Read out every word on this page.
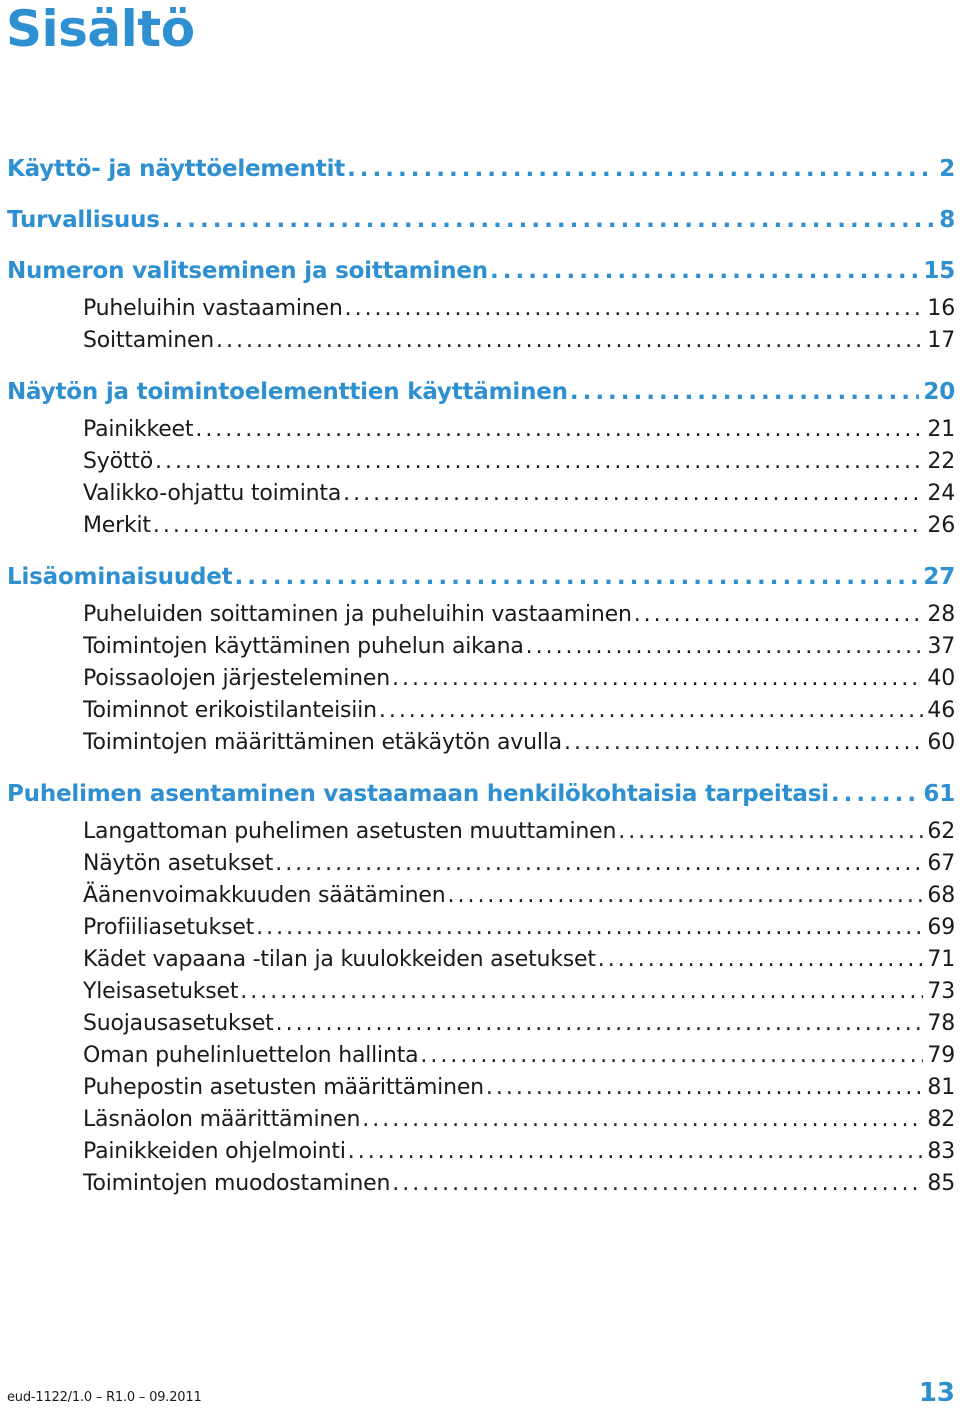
Sisältö
Käyttö- ja näyttöelementit . . .	2
Turvallisuus . . .	8
Numeron valitseminen ja soittaminen . . .	15
Puheluihin vastaaminen . . .	16
Soittaminen . . .	17
Näytön ja toimintoelementtien käyttäminen . . .	20
Painikkeet . . .	21
Syöttö . . .	22
Valikko-ohjattu toiminta . . .	24
Merkit . . .	26
Lisäominaisuudet . . .	27
Puheluiden soittaminen ja puheluihin vastaaminen . . .	28
Toimintojen käyttäminen puhelun aikana . . .	37
Poissaolojen järjesteleminen . . .	40
Toiminnot erikoistilanteisiin . . .	46
Toimintojen määrittäminen etäkäytön avulla . . .	60
Puhelimen asentaminen vastaamaan henkilökohtaisia tarpeitasi . . .	61
Langattoman puhelimen asetusten muuttaminen . . .	62
Näytön asetukset . . .	67
Äänenvoimakkuuden säätäminen . . .	68
Profiiliasetukset . . .	69
Kädet vapaana -tilan ja kuulokkeiden asetukset . . .	71
Yleisasetukset . . .	73
Suojausasetukset . . .	78
Oman puhelinluettelon hallinta . . .	79
Puhepostin asetusten määrittäminen . . .	81
Läsnäolon määrittäminen . . .	82
Painikkeiden ohjelmointi . . .	83
Toimintojen muodostaminen . . .	85
eud-1122/1.0 – R1.0 – 09.2011	13
